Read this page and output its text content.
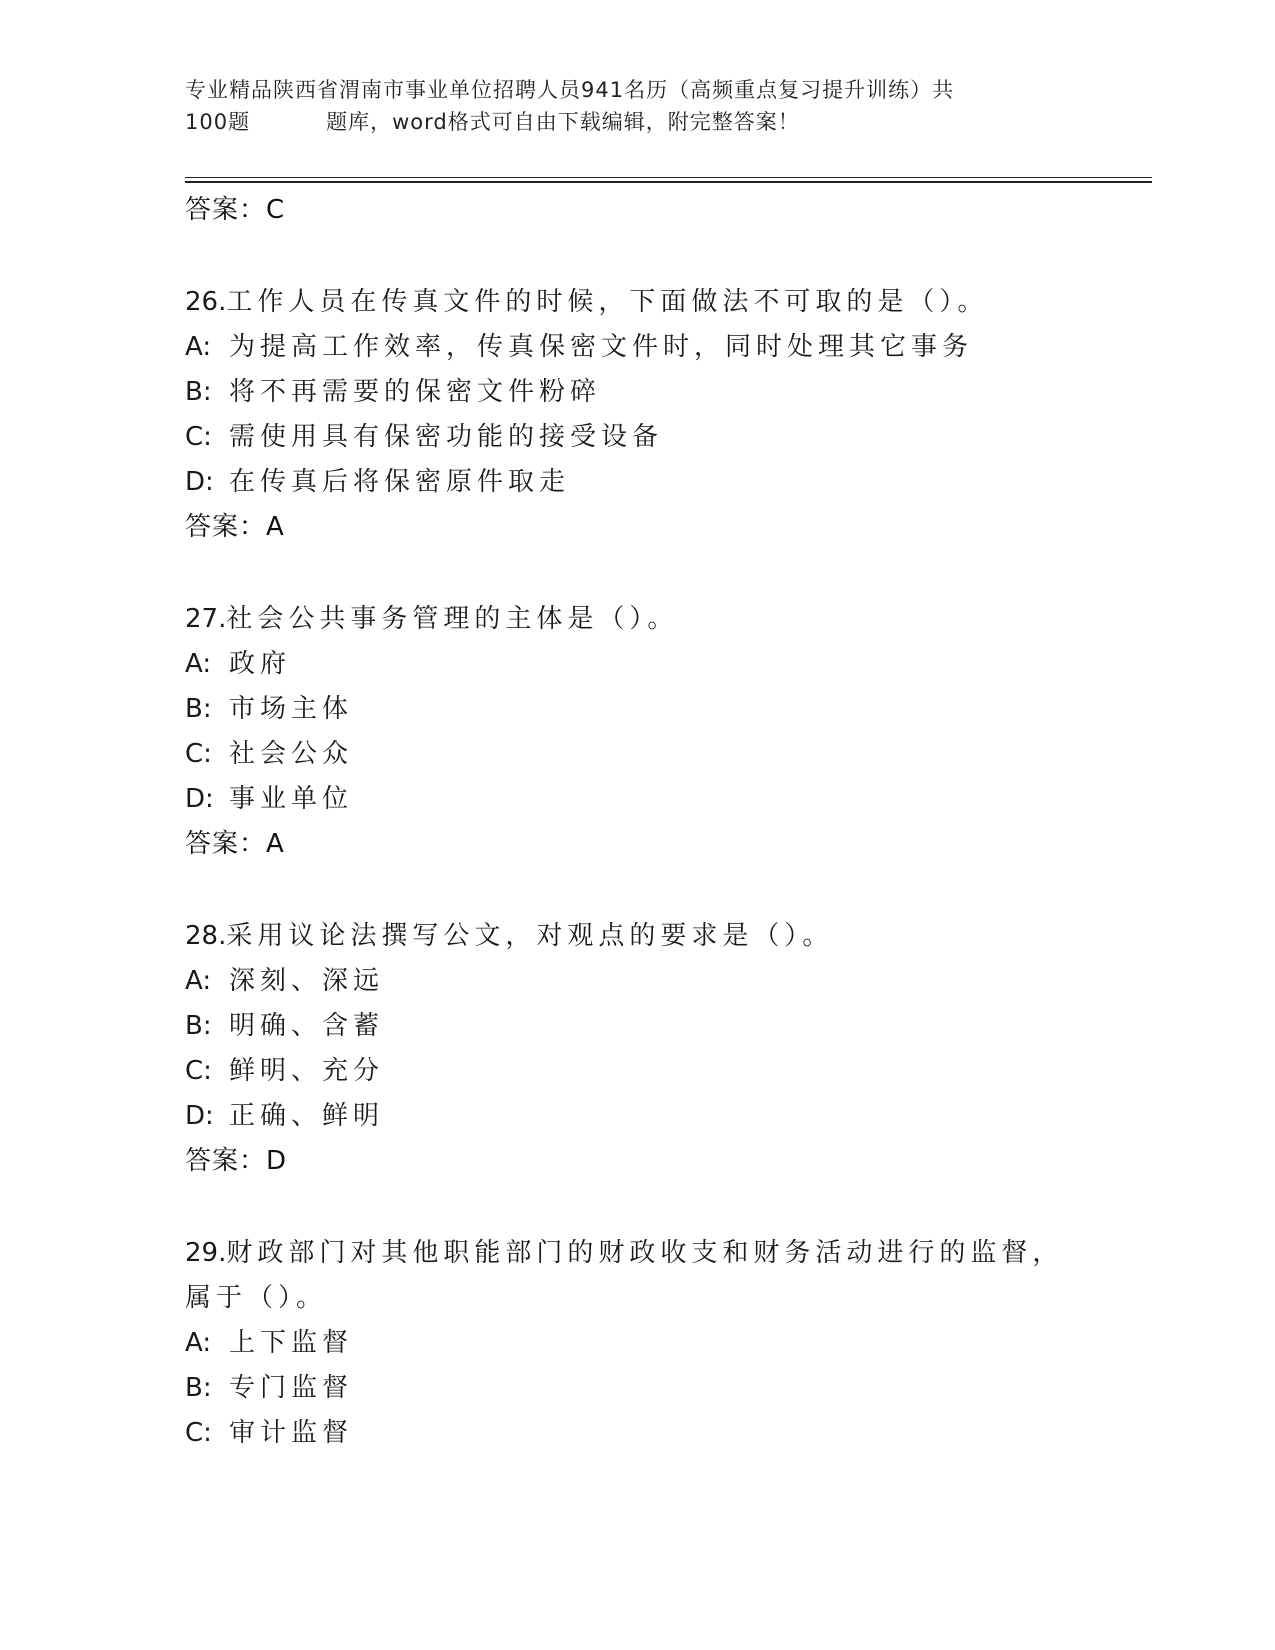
专业精品陕西省渭南市事业单位招聘人员941名历（高频重点复习提升训练）共
100题	题库，word格式可自由下载编辑，附完整答案！
答案：C
26.工作人员在传真文件的时候，下面做法不可取的是（）。
A: 为提高工作效率，传真保密文件时，同时处理其它事务
B: 将不再需要的保密文件粉碎
C: 需使用具有保密功能的接受设备
D: 在传真后将保密原件取走
答案：A
27.社会公共事务管理的主体是（）。
A: 政府
B: 市场主体
C: 社会公众
D: 事业单位
答案：A
28.采用议论法撰写公文，对观点的要求是（）。
A: 深刻、深远
B: 明确、含蓄
C: 鲜明、充分
D: 正确、鲜明
答案：D
29.财政部门对其他职能部门的财政收支和财务活动进行的监督，属于（）。
A: 上下监督
B: 专门监督
C: 审计监督
